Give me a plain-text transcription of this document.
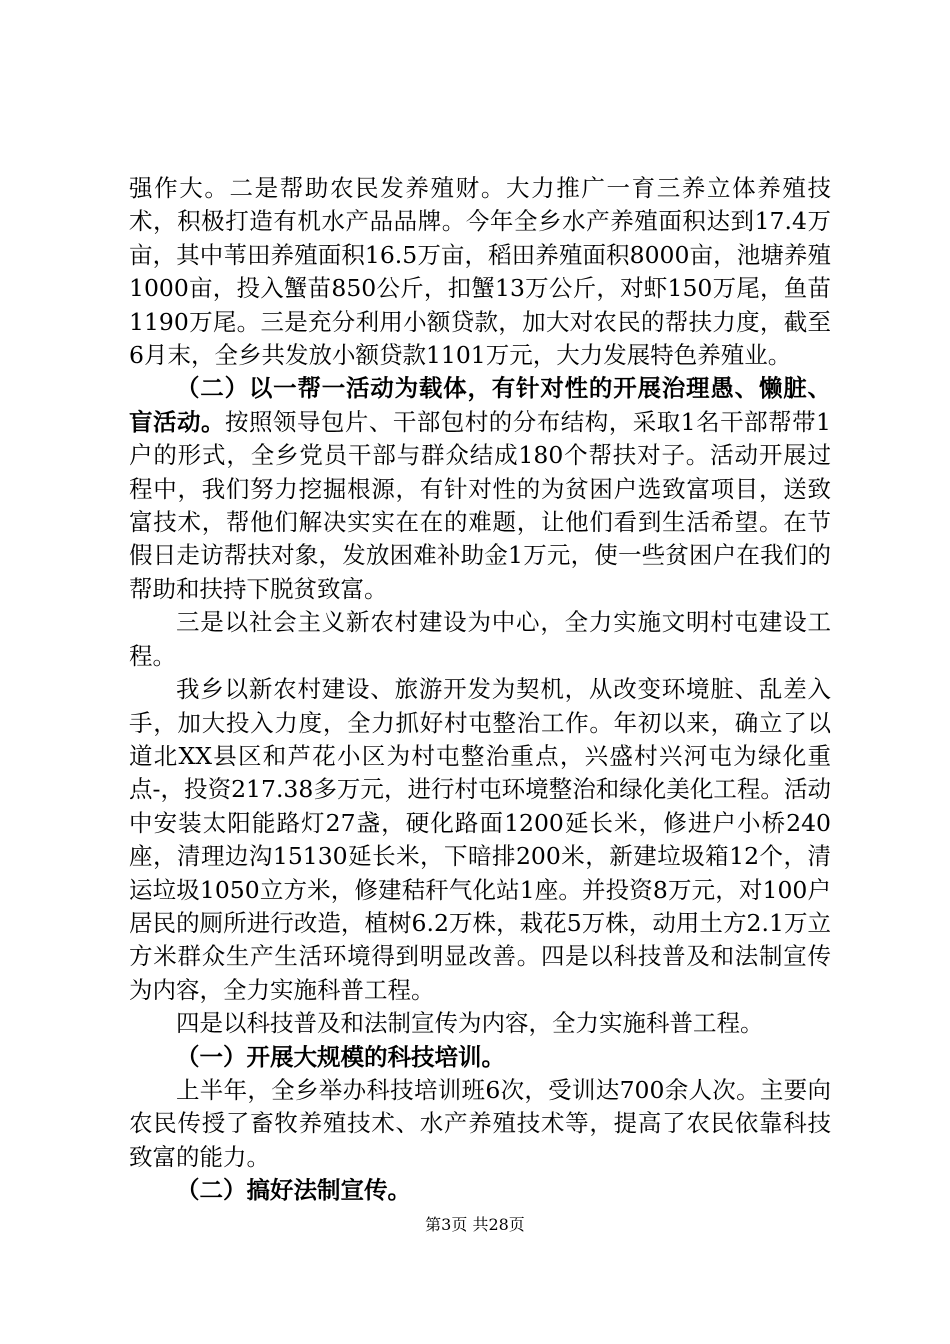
强作大。二是帮助农民发养殖财。大力推广一育三养立体养殖技术，积极打造有机水产品品牌。今年全乡水产养殖面积达到17.4万亩，其中苇田养殖面积16.5万亩，稻田养殖面积8000亩，池塘养殖1000亩，投入蟹苗850公斤，扣蟹13万公斤，对虾150万尾，鱼苗1190万尾。三是充分利用小额贷款，加大对农民的帮扶力度，截至6月末，全乡共发放小额贷款1101万元，大力发展特色养殖业。

（二）以一帮一活动为载体，有针对性的开展治理愚、懒脏、盲活动。按照领导包片、干部包村的分布结构，采取1名干部帮带1户的形式，全乡党员干部与群众结成180个帮扶对子。活动开展过程中，我们努力挖掘根源，有针对性的为贫困户选致富项目，送致富技术，帮他们解决实实在在的难题，让他们看到生活希望。在节假日走访帮扶对象，发放困难补助金1万元，使一些贫困户在我们的帮助和扶持下脱贫致富。

三是以社会主义新农村建设为中心，全力实施文明村屯建设工程。

我乡以新农村建设、旅游开发为契机，从改变环境脏、乱差入手，加大投入力度，全力抓好村屯整治工作。年初以来，确立了以道北XX县区和芦花小区为村屯整治重点，兴盛村兴河屯为绿化重点-，投资217.38多万元，进行村屯环境整治和绿化美化工程。活动中安装太阳能路灯27盏，硬化路面1200延长米，修进户小桥240座，清理边沟15130延长米，下暗排200米，新建垃圾箱12个，清运垃圾1050立方米，修建秸秆气化站1座。并投资8万元，对100户居民的厕所进行改造，植树6.2万株，栽花5万株，动用土方2.1万立方米群众生产生活环境得到明显改善。四是以科技普及和法制宣传为内容，全力实施科普工程。

四是以科技普及和法制宣传为内容，全力实施科普工程。

（一）开展大规模的科技培训。

上半年，全乡举办科技培训班6次，受训达700余人次。主要向农民传授了畜牧养殖技术、水产养殖技术等，提高了农民依靠科技致富的能力。

（二）搞好法制宣传。

第3页 共28页
